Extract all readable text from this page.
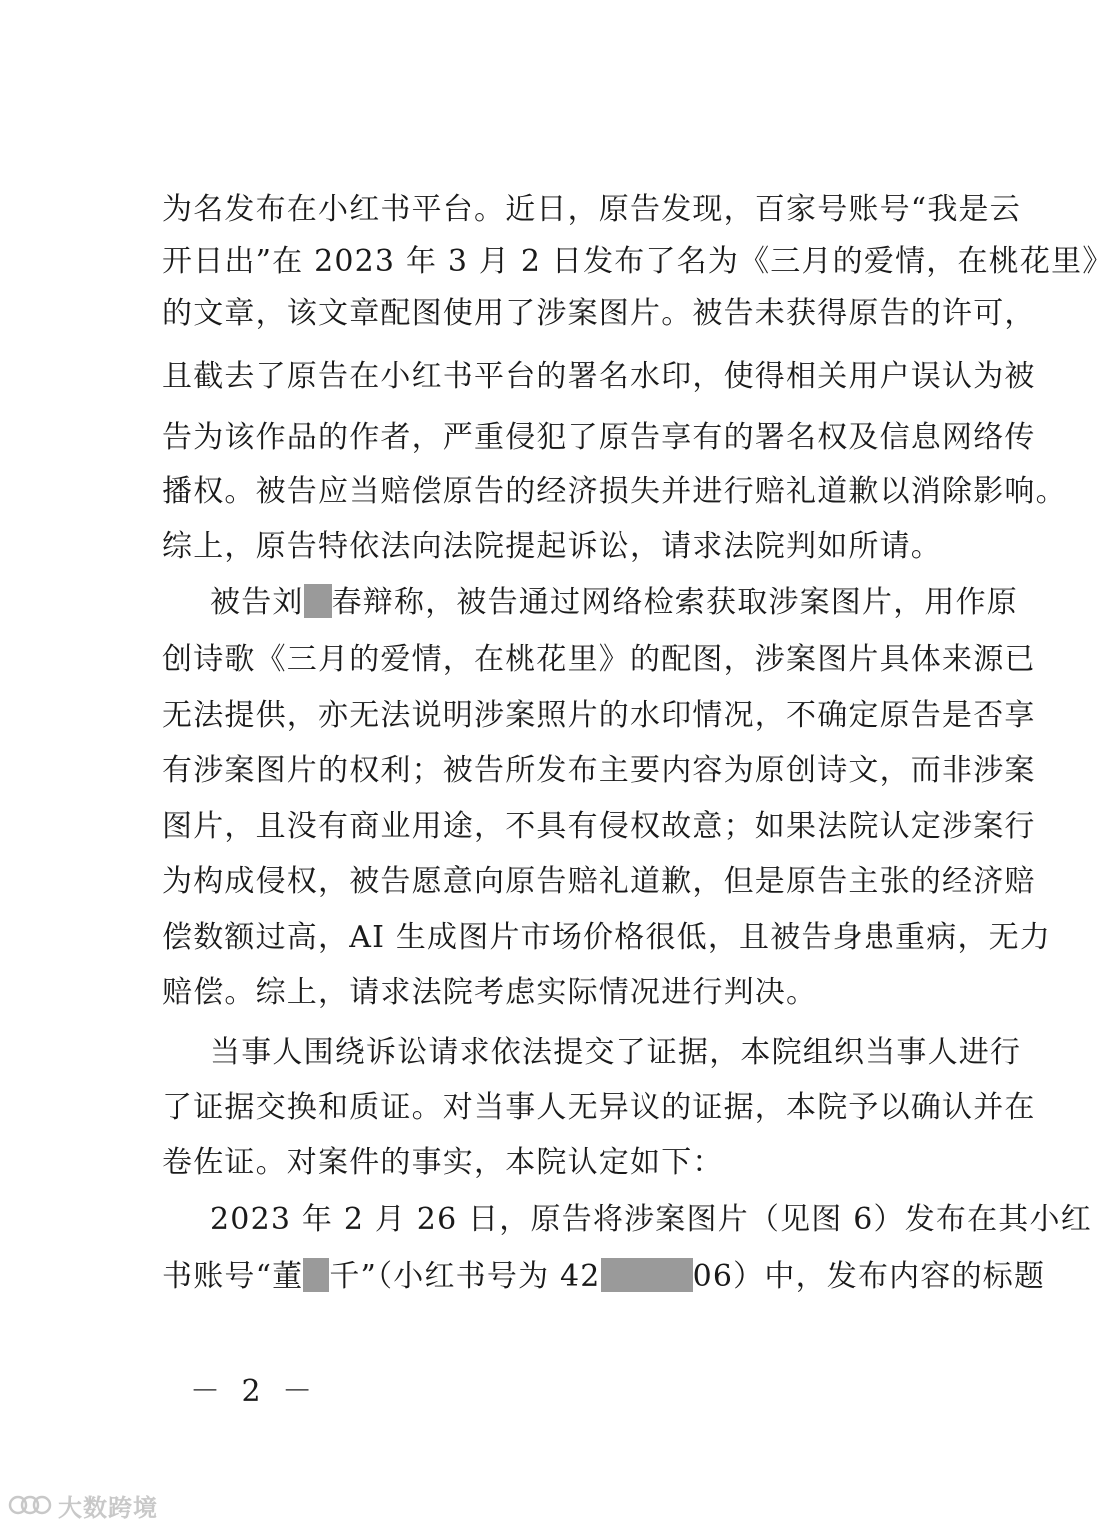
为名发布在小红书平台。近日，原告发现，百家号账号“我是云
开日出”在 2023 年 3 月 2 日发布了名为《三月的爱情，在桃花里》
的文章，该文章配图使用了涉案图片。被告未获得原告的许可，
且截去了原告在小红书平台的署名水印，使得相关用户误认为被
告为该作品的作者，严重侵犯了原告享有的署名权及信息网络传
播权。被告应当赔偿原告的经济损失并进行赔礼道歉以消除影响。
综上，原告特依法向法院提起诉讼，请求法院判如所请。
被告刘 春辩称，被告通过网络检索获取涉案图片，用作原
创诗歌《三月的爱情，在桃花里》的配图，涉案图片具体来源已
无法提供，亦无法说明涉案照片的水印情况，不确定原告是否享
有涉案图片的权利；被告所发布主要内容为原创诗文，而非涉案
图片，且没有商业用途，不具有侵权故意；如果法院认定涉案行
为构成侵权，被告愿意向原告赔礼道歉，但是原告主张的经济赔
偿数额过高，AI 生成图片市场价格很低，且被告身患重病，无力
赔偿。综上，请求法院考虑实际情况进行判决。
当事人围绕诉讼请求依法提交了证据，本院组织当事人进行
了证据交换和质证。对当事人无异议的证据，本院予以确认并在
卷佐证。对案件的事实，本院认定如下：
2023 年 2 月 26 日，原告将涉案图片（见图 6）发布在其小红
书账号“董 千”（小红书号为 42	06）中，发布内容的标题
－ 2 －
大数跨境
